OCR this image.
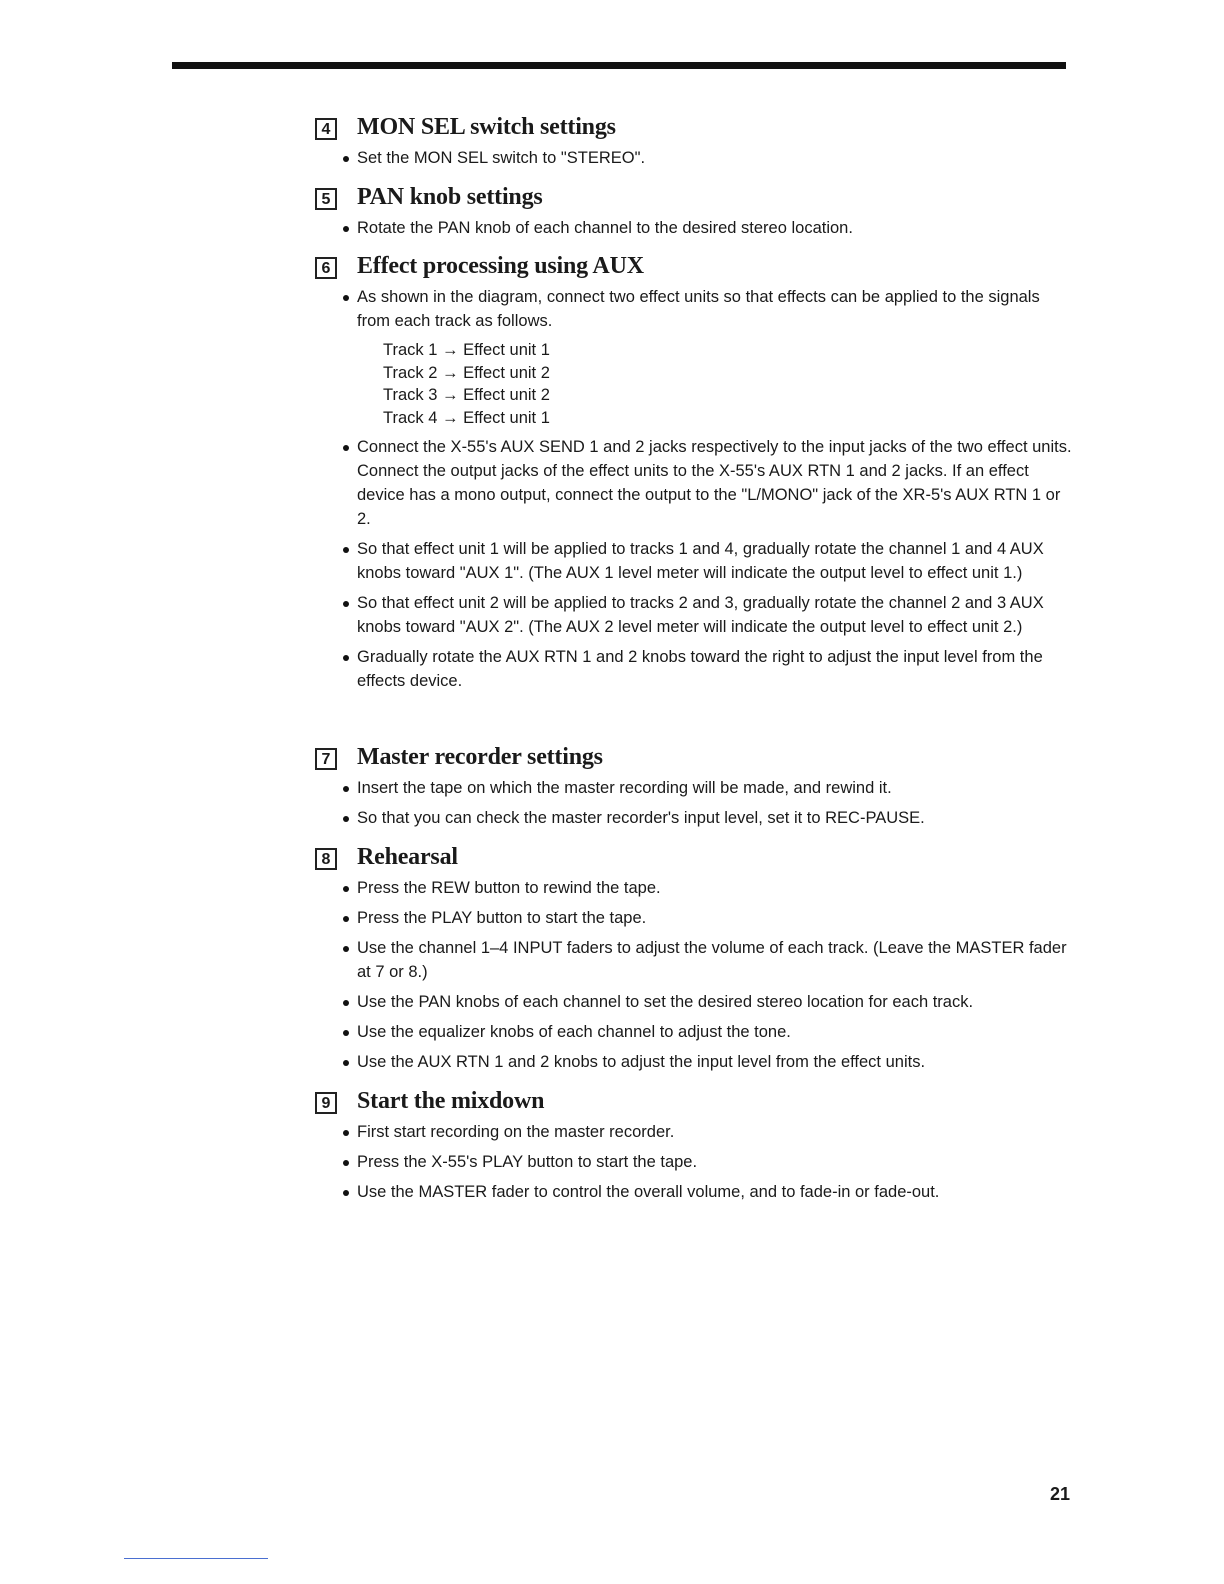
4 MON SEL switch settings
Set the MON SEL switch to "STEREO".
5 PAN knob settings
Rotate the PAN knob of each channel to the desired stereo location.
6 Effect processing using AUX
As shown in the diagram, connect two effect units so that effects can be applied to the signals from each track as follows.
Track 1 → Effect unit 1
Track 2 → Effect unit 2
Track 3 → Effect unit 2
Track 4 → Effect unit 1
Connect the X-55's AUX SEND 1 and 2 jacks respectively to the input jacks of the two effect units. Connect the output jacks of the effect units to the X-55's AUX RTN 1 and 2 jacks. If an effect device has a mono output, connect the output to the "L/MONO" jack of the XR-5's AUX RTN 1 or 2.
So that effect unit 1 will be applied to tracks 1 and 4, gradually rotate the channel 1 and 4 AUX knobs toward "AUX 1". (The AUX 1 level meter will indicate the output level to effect unit 1.)
So that effect unit 2 will be applied to tracks 2 and 3, gradually rotate the channel 2 and 3 AUX knobs toward "AUX 2". (The AUX 2 level meter will indicate the output level to effect unit 2.)
Gradually rotate the AUX RTN 1 and 2 knobs toward the right to adjust the input level from the effects device.
7 Master recorder settings
Insert the tape on which the master recording will be made, and rewind it.
So that you can check the master recorder's input level, set it to REC-PAUSE.
8 Rehearsal
Press the REW button to rewind the tape.
Press the PLAY button to start the tape.
Use the channel 1–4 INPUT faders to adjust the volume of each track. (Leave the MASTER fader at 7 or 8.)
Use the PAN knobs of each channel to set the desired stereo location for each track.
Use the equalizer knobs of each channel to adjust the tone.
Use the AUX RTN 1 and 2 knobs to adjust the input level from the effect units.
9 Start the mixdown
First start recording on the master recorder.
Press the X-55's PLAY button to start the tape.
Use the MASTER fader to control the overall volume, and to fade-in or fade-out.
21
